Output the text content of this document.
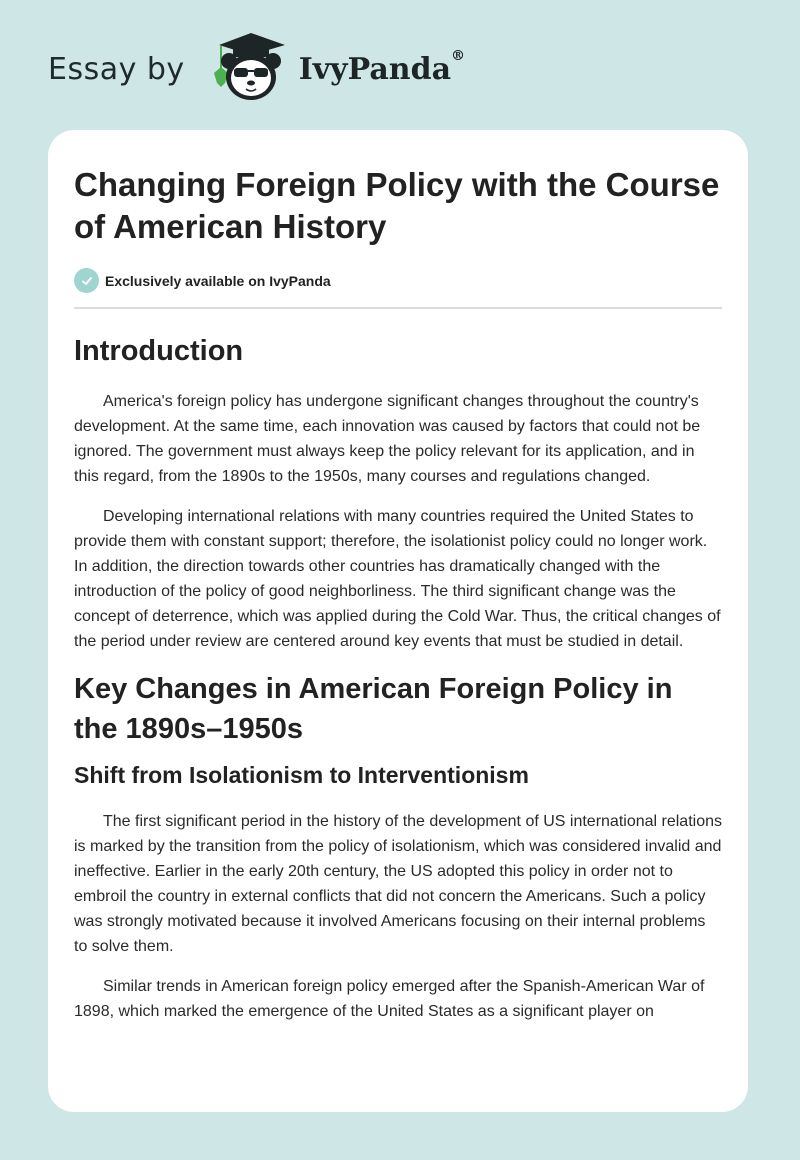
Essay by	IvyPanda®
Changing Foreign Policy with the Course of American History
Exclusively available on IvyPanda
Introduction

America's foreign policy has undergone significant changes throughout the country's development. At the same time, each innovation was caused by factors that could not be ignored. The government must always keep the policy relevant for its application, and in this regard, from the 1890s to the 1950s, many courses and regulations changed.

Developing international relations with many countries required the United States to provide them with constant support; therefore, the isolationist policy could no longer work. In addition, the direction towards other countries has dramatically changed with the introduction of the policy of good neighborliness. The third significant change was the concept of deterrence, which was applied during the Cold War. Thus, the critical changes of the period under review are centered around key events that must be studied in detail.

Key Changes in American Foreign Policy in the 1890s–1950s
Shift from Isolationism to Interventionism

The first significant period in the history of the development of US international relations is marked by the transition from the policy of isolationism, which was considered invalid and ineffective. Earlier in the early 20th century, the US adopted this policy in order not to embroil the country in external conflicts that did not concern the Americans. Such a policy was strongly motivated because it involved Americans focusing on their internal problems to solve them.

Similar trends in American foreign policy emerged after the Spanish-American War of 1898, which marked the emergence of the United States as a significant player on
